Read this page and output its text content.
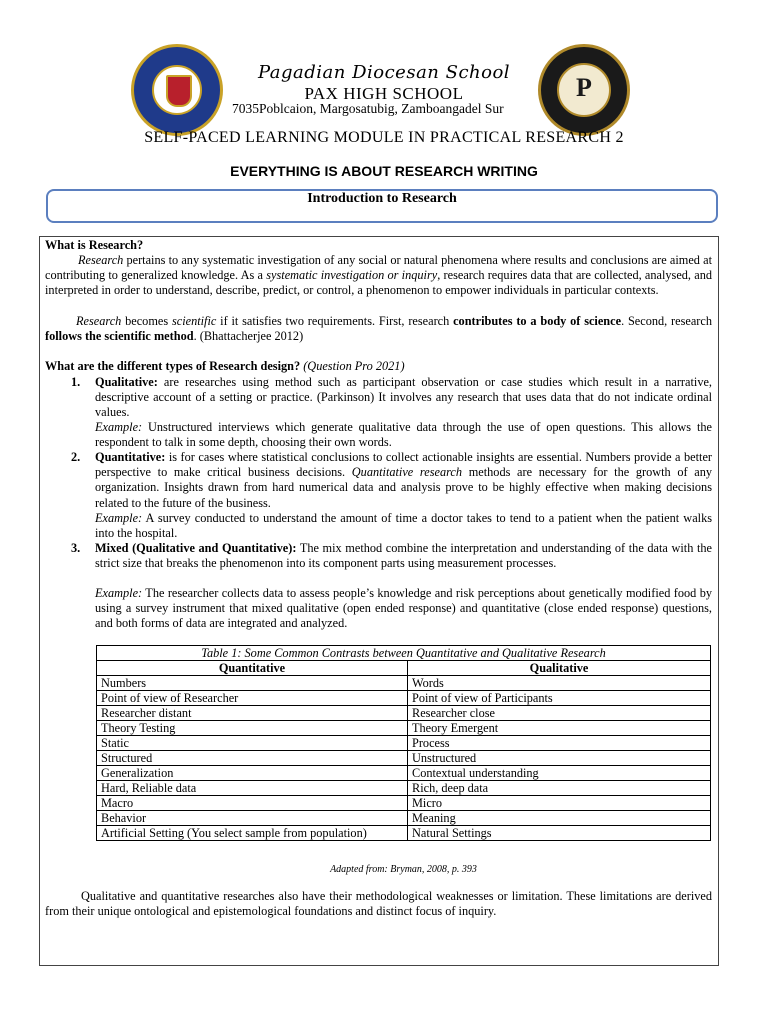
P
Pagadian Diocesan School
PAX HIGH SCHOOL
7035Poblcaion, Margosatubig, Zamboangadel Sur
SELF-PACED LEARNING MODULE IN PRACTICAL RESEARCH 2
EVERYTHING IS ABOUT RESEARCH WRITING
Introduction to Research
What is Research?
Research pertains to any systematic investigation of any social or natural phenomena where results and conclusions are aimed at contributing to generalized knowledge. As a systematic investigation or inquiry, research requires data that are collected, analysed, and interpreted in order to understand, describe, predict, or control, a phenomenon to empower individuals in particular contexts.
Research becomes scientific if it satisfies two requirements. First, research contributes to a body of science. Second, research follows the scientific method. (Bhattacherjee 2012)
What are the different types of Research design? (Question Pro 2021)
1. Qualitative: are researches using method such as participant observation or case studies which result in a narrative, descriptive account of a setting or practice. (Parkinson) It involves any research that uses data that do not indicate ordinal values.
Example: Unstructured interviews which generate qualitative data through the use of open questions. This allows the respondent to talk in some depth, choosing their own words.
2. Quantitative: is for cases where statistical conclusions to collect actionable insights are essential. Numbers provide a better perspective to make critical business decisions. Quantitative research methods are necessary for the growth of any organization. Insights drawn from hard numerical data and analysis prove to be highly effective when making decisions related to the future of the business.
Example: A survey conducted to understand the amount of time a doctor takes to tend to a patient when the patient walks into the hospital.
3. Mixed (Qualitative and Quantitative): The mix method combine the interpretation and understanding of the data with the strict size that breaks the phenomenon into its component parts using measurement processes.
Example: The researcher collects data to assess people’s knowledge and risk perceptions about genetically modified food by using a survey instrument that mixed qualitative (open ended response) and quantitative (close ended response) questions, and both forms of data are integrated and analyzed.
Table 1: Some Common Contrasts between Quantitative and Qualitative Research
Quantitative	Qualitative
Numbers	Words
Point of view of Researcher	Point of view of Participants
Researcher distant	Researcher close
Theory Testing	Theory Emergent
Static	Process
Structured	Unstructured
Generalization	Contextual understanding
Hard, Reliable data	Rich, deep data
Macro	Micro
Behavior	Meaning
Artificial Setting (You select sample from population)	Natural Settings
Adapted from: Bryman, 2008, p. 393
Qualitative and quantitative researches also have their methodological weaknesses or limitation. These limitations are derived from their unique ontological and epistemological foundations and distinct focus of inquiry.
